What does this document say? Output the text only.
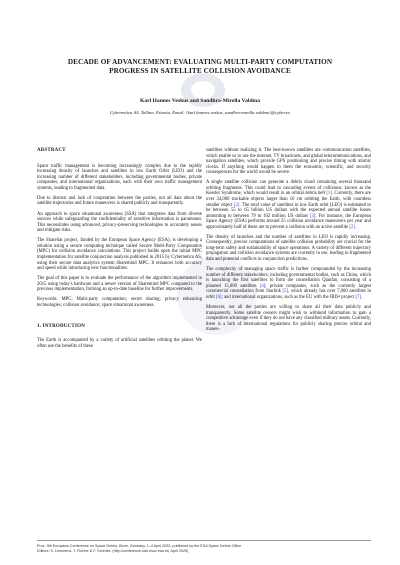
DECADE OF ADVANCEMENT: EVALUATING MULTI-PARTY COMPUTATION
PROGRESS IN SATELLITE COLLISION AVOIDANCE
Karl Hannes Veskus and Sandhra-Mirella Valdma
Cybernetica AS, Tallinn, Estonia, Email: {karl.hannes.veskus, sandhra-mirella.valdma}@cyber.ee
ABSTRACT

Space traffic management is becoming increasingly complex due to the rapidly increasing density of launches and satellites in low Earth Orbit (LEO) and the increasing number of different stakeholders, including governmental bodies, private companies, and international organizations, each with their own traffic management systems, leading to fragmented data.

Due to distrust and lack of cooperation between the parties, not all data about the satellite trajectories and future maneuvers is shared publicly and transparently.

An approach to space situational awareness (SSA) that integrates data from diverse sources while safeguarding the confidentiality of sensitive information is paramount. This necessitates using advanced, privacy-preserving technologies to accurately assess and mitigate risks.

The ShareSat project, funded by the European Space Agency (ESA), is developing a solution using a secure computing technique called Secure Multi-Party Computation (MPC) for collision avoidance calculations. This project builds upon the initial MPC implementation for satellite conjunction analysis published in 2015 by Cybernetica AS, using their secure data analytics system Sharemind MPC. It enhances both accuracy and speed while introducing new functionalities.

The goal of this paper is to evaluate the performance of the algorithm implemented in 2015 using today's hardware and a newer version of Sharemind MPC compared to the previous implementation, forming an up-to-date baseline for further improvements.

Keywords: MPC; Multi-party computation; secret sharing; privacy enhancing technologies; collision avoidance; space situational awareness.

1. INTRODUCTION

The Earth is accompanied by a variety of artificial satellites orbiting the planet. We often use the benefits of these

satellites without realizing it. The best-known satellites are communication satellites, which enable us to use the internet, TV broadcasts, and global telecommunications, and navigation satellites, which provide GPS positioning and precise timing with atomic clocks. If anything would happen to them the economic, scientific, and security consequences for the world would be severe.

A single satellite collision can generate a debris cloud containing several thousand orbiting fragments. This could lead to cascading events of collisions, known as the Kessler Syndrome, which would result in an orbital debris belt [1]. Currently, there are over 34,000 trackable objects larger than 10 cm orbiting the Earth, with countless smaller object [2]. The total value of satellites in low Earth orbit (LEO) is estimated to be between 55 to 65 billion US dollars with the expected annual satellite losses amounting to between 79 to 102 million US dollars [3]. For instance, the European Space Agency (ESA) performs around 25 collision avoidance maneuvers per year and approximately half of these are to prevent a collision with an active satellite [2].

The density of launches and the number of satellites in LEO is rapidly increasing. Consequently, precise computations of satellite collision probability are crucial for the long-term safety and sustainability of space operations. A variety of different trajectory propagation and collision avoidance systems are currently in use, leading to fragmented data and potential conflicts in conjunction predictions.

The complexity of managing space traffic is further compounded by the increasing number of different stakeholders, including governmental bodies, such as China, which is launching the first satellites to form the constellation Qianfan, consisting of a planned 15,000 satellites [4]; private companies, such as the currently largest commercial constellation from Starlink [5], which already has over 7,000 satellites in orbit [6]; and international organizations, such as the EU with the IRIS² project [7].

Moreover, not all the parties are willing to share all their data publicly and transparently. Some satellite owners might wish to withhold information to gain a competitive advantage even if they do not have any classified military assets. Currently, there is a lack of international regulations for publicly sharing precise orbital and maneu-

Proc. 9th European Conference on Space Debris, Bonn, Germany, 1–4 April 2025, published by the ESA Space Debris Office
Editors: S. Lemmens, T. Flohrer & F. Schmitz, (http://conference.sdo.esoc.esa.int, April 2025)
